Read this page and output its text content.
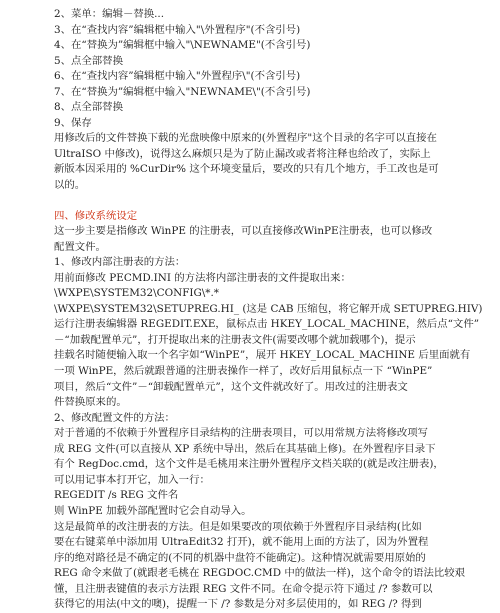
2、菜单：编辑－替换...
3、在“查找内容”编辑框中输入"\外置程序"(不含引号)
4、在“替换为”编辑框中输入"\NEWNAME"(不含引号)
5、点全部替换
6、在“查找内容”编辑框中输入"外置程序\"(不含引号)
7、在“替换为”编辑框中输入"NEWNAME\"(不含引号)
8、点全部替换
9、保存
用修改后的文件替换下载的光盘映像中原来的(外置程序"这个目录的名字可以直接在
UltraISO 中修改)，说得这么麻烦只是为了防止漏改或者将注释也给改了，实际上
新版本因采用的 %CurDir% 这个环境变量后，要改的只有几个地方，手工改也是可
以的。
四、修改系统设定
这一步主要是指修改 WinPE 的注册表，可以直接修改WinPE注册表，也可以修改
配置文件。
1、修改内部注册表的方法：
用前面修改 PECMD.INI 的方法将内部注册表的文件提取出来：
\WXPE\SYSTEM32\CONFIG\*.*
\WXPE\SYSTEM32\SETUPREG.HI_ (这是 CAB 压缩包，将它解开成 SETUPREG.HIV)
运行注册表编辑器 REGEDIT.EXE，鼠标点击 HKEY_LOCAL_MACHINE，然后点“文件”
－“加载配置单元”，打开提取出来的注册表文件(需要改哪个就加载哪个)，提示
挂载名时随便输入取一个名字如“WinPE”，展开 HKEY_LOCAL_MACHINE 后里面就有
一项 WinPE，然后就跟普通的注册表操作一样了，改好后用鼠标点一下 “WinPE”
项目，然后“文件”－“卸载配置单元”，这个文件就改好了。用改过的注册表文
件替换原来的。
2、修改配置文件的方法：
对于普通的不依赖于外置程序目录结构的注册表项目，可以用常规方法将修改项写
成 REG 文件(可以直接从 XP 系统中导出，然后在其基础上修)。在外置程序目录下
有个 RegDoc.cmd，这个文件是毛桃用来注册外置程序文档关联的(就是改注册表)，
可以用记事本打开它，加入一行：
REGEDIT /s REG 文件名
则 WinPE 加载外部配置时它会自动导入。
这是最简单的改注册表的方法。但是如果要改的项依赖于外置程序目录结构(比如
要在右键菜单中添加用 UltraEdit32 打开)，就不能用上面的方法了，因为外置程
序的绝对路径是不确定的(不同的机器中盘符不能确定)。这种情况就需要用原始的
REG 命令来做了(就跟老毛桃在 REGDOC.CMD 中的做法一样)，这个命令的语法比较艰
懂，且注册表键值的表示方法跟 REG 文件不同。在命令提示符下通过 /? 参数可以
获得它的用法(中文的噢)，提醒一下 /? 参数是分对多层使用的，如 REG /? 得到
